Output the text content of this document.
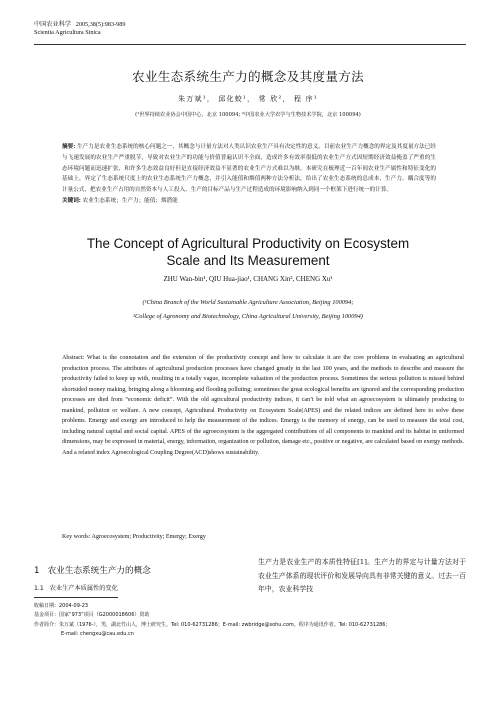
中国农业科学 2005,38(5):983-989
Scientia Agricultura Sinica
农业生态系统生产力的概念及其度量方法
朱万斌¹， 邱化蛟¹， 常 欣²， 程 序¹
(¹世界持续农业协会中国中心，北京 100094; ²中国农业大学农学与生物技术学院，北京 100094)
摘要: 生产力是农业生态系统的核心问题之一，其概念与计量方法对人类认识农业生产具有决定性的意义。目前农业生产力概念的界定及其度量方法已经与飞速发展的农业生产严重脱节，导致对农业生产的功能与价值普遍认识不全面，造成许多有效率很低的农业生产方式因短期经济效益掩盖了严重的生态环境问题而迅速扩张，和许多生态效益良好但是直接经济效益不显著的农业生产方式难以为继。本研究在梳理近一百年间农业生产属性和特征变化的基础上，界定了生态系统尺度上的农业生态系统生产力概念，并引入能值和烟值两种方法分析法，给出了农业生态系统的总成本、生产力、耦合度等的计量公式，把农业生产占用的自然资本与人工投入、生产的目标产品与生产过程造成的环境影响纳入到同一个框架下进行统一的计算。
关键词: 农业生态系统；生产力；能值；烟潜能
The Concept of Agricultural Productivity on Ecosystem
Scale and Its Measurement
ZHU Wan-bin¹, QIU Hua-jiao¹, CHANG Xin², CHENG Xu¹
(¹China Branch of the World Sustainable Agriculture Association, Beijing 100094;
²College of Agronomy and Biotechnology, China Agricultural University, Beijing 100094)
Abstract: What is the connotation and the extension of the productivity concept and how to calculate it are the core problems in evaluating an agricultural production process. The attributes of agricultural production processes have changed greatly in the last 100 years, and the methods to describe and measure the productivity failed to keep up with, resulting in a totally vague, incomplete valuation of the production process. Sometimes the serious pollution is missed behind shortsided money making, bringing along a blooming and flooding polluting; sometimes the great ecological benefits are ignored and the corresponding production processes are died from “economic deficit”. With the old agricultural productivity indices, it can’t be told what an agroecosystem is ultimately producing to mankind, pollution or welfare. A new concept, Agricultural Productivity on Ecosystem Scale(APES) and the related indices are defined here to solve these problems. Emergy and exergy are introduced to help the measurement of the indices. Emergy is the memory of energy, can be used to measure the total cost, including natural capital and social capital. APES of the agroecosystem is the aggregated contributions of all components to mankind and its habitat in uniformed dimensions, may be expressed in material, energy, information, organization or pollution, damage etc., positive or negative, are calculated based on exergy methods. And a related index Agroecological Coupling Degree(ACD)shows sustainability.
Key words: Agroecosystem; Productivity; Emergy; Exergy
1 农业生态系统生产力的概念
1.1 农业生产本质属性的变化
生产力是农业生产的本质性特征[1]。生产力的界定与计量方法对于农业生产体系的现状评价和发展导向具有非常关键的意义。过去一百年中，农业科学技
收稿日期：2004-09-23
基金项目：国家“973”项目（G2000018606）资助
作者简介：朱万斌（1976-），男，湖北竹山人，博士研究生。Tel: 010-62731286；E-mail: zwbridge@sohu.com。程序为通讯作者。Tel: 010-62731286；
E-mail: chengxu@cau.edu.cn
